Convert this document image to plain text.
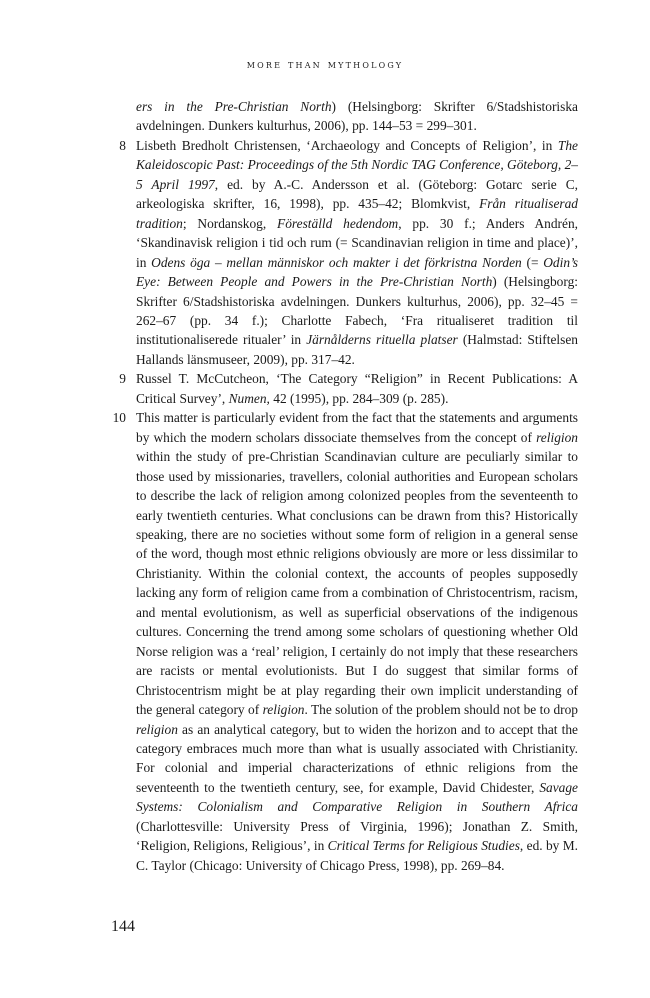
more than mythology
ers in the Pre-Christian North) (Helsingborg: Skrifter 6/Stadshistoriska avdelningen. Dunkers kulturhus, 2006), pp. 144–53 = 299–301.
8 Lisbeth Bredholt Christensen, ‘Archaeology and Concepts of Religion’, in The Kaleidoscopic Past: Proceedings of the 5th Nordic TAG Conference, Göteborg, 2–5 April 1997, ed. by A.-C. Andersson et al. (Göteborg: Gotarc serie C, arkeologiska skrifter, 16, 1998), pp. 435–42; Blomkvist, Från ritualiserad tradition; Nordanskog, Föreställd hedendom, pp. 30 f.; Anders Andrén, ‘Skandinavisk religion i tid och rum (= Scandinavian religion in time and place)’, in Odens öga – mellan människor och makter i det förkristna Norden (= Odin’s Eye: Between People and Powers in the Pre-Christian North) (Helsingborg: Skrifter 6/Stadshistoriska avdelningen. Dunkers kulturhus, 2006), pp. 32–45 = 262–67 (pp. 34 f.); Charlotte Fabech, ‘Fra ritualiseret tradition til institutionaliserede ritualer’ in Järnålderns rituella platser (Halmstad: Stiftelsen Hallands länsmuseer, 2009), pp. 317–42.
9 Russel T. McCutcheon, ‘The Category “Religion” in Recent Publications: A Critical Survey’, Numen, 42 (1995), pp. 284–309 (p. 285).
10 This matter is particularly evident from the fact that the statements and arguments by which the modern scholars dissociate themselves from the concept of religion within the study of pre-Christian Scandinavian culture are peculiarly similar to those used by missionaries, travellers, colonial authorities and European scholars to describe the lack of religion among colonized peoples from the seventeenth to early twentieth centuries. What conclusions can be drawn from this? Historically speaking, there are no societies without some form of religion in a general sense of the word, though most ethnic religions obviously are more or less dissimilar to Christianity. Within the colonial context, the accounts of peoples supposedly lacking any form of religion came from a combination of Christocentrism, racism, and mental evolutionism, as well as superficial observations of the indigenous cultures. Concerning the trend among some scholars of questioning whether Old Norse religion was a ‘real’ religion, I certainly do not imply that these researchers are racists or mental evolutionists. But I do suggest that similar forms of Christocentrism might be at play regarding their own implicit understanding of the general category of religion. The solution of the problem should not be to drop religion as an analytical category, but to widen the horizon and to accept that the category embraces much more than what is usually associated with Christianity. For colonial and imperial characterizations of ethnic religions from the seventeenth to the twentieth century, see, for example, David Chidester, Savage Systems: Colonialism and Comparative Religion in Southern Africa (Charlottesville: University Press of Virginia, 1996); Jonathan Z. Smith, ‘Religion, Religions, Religious’, in Critical Terms for Religious Studies, ed. by M. C. Taylor (Chicago: University of Chicago Press, 1998), pp. 269–84.
144
